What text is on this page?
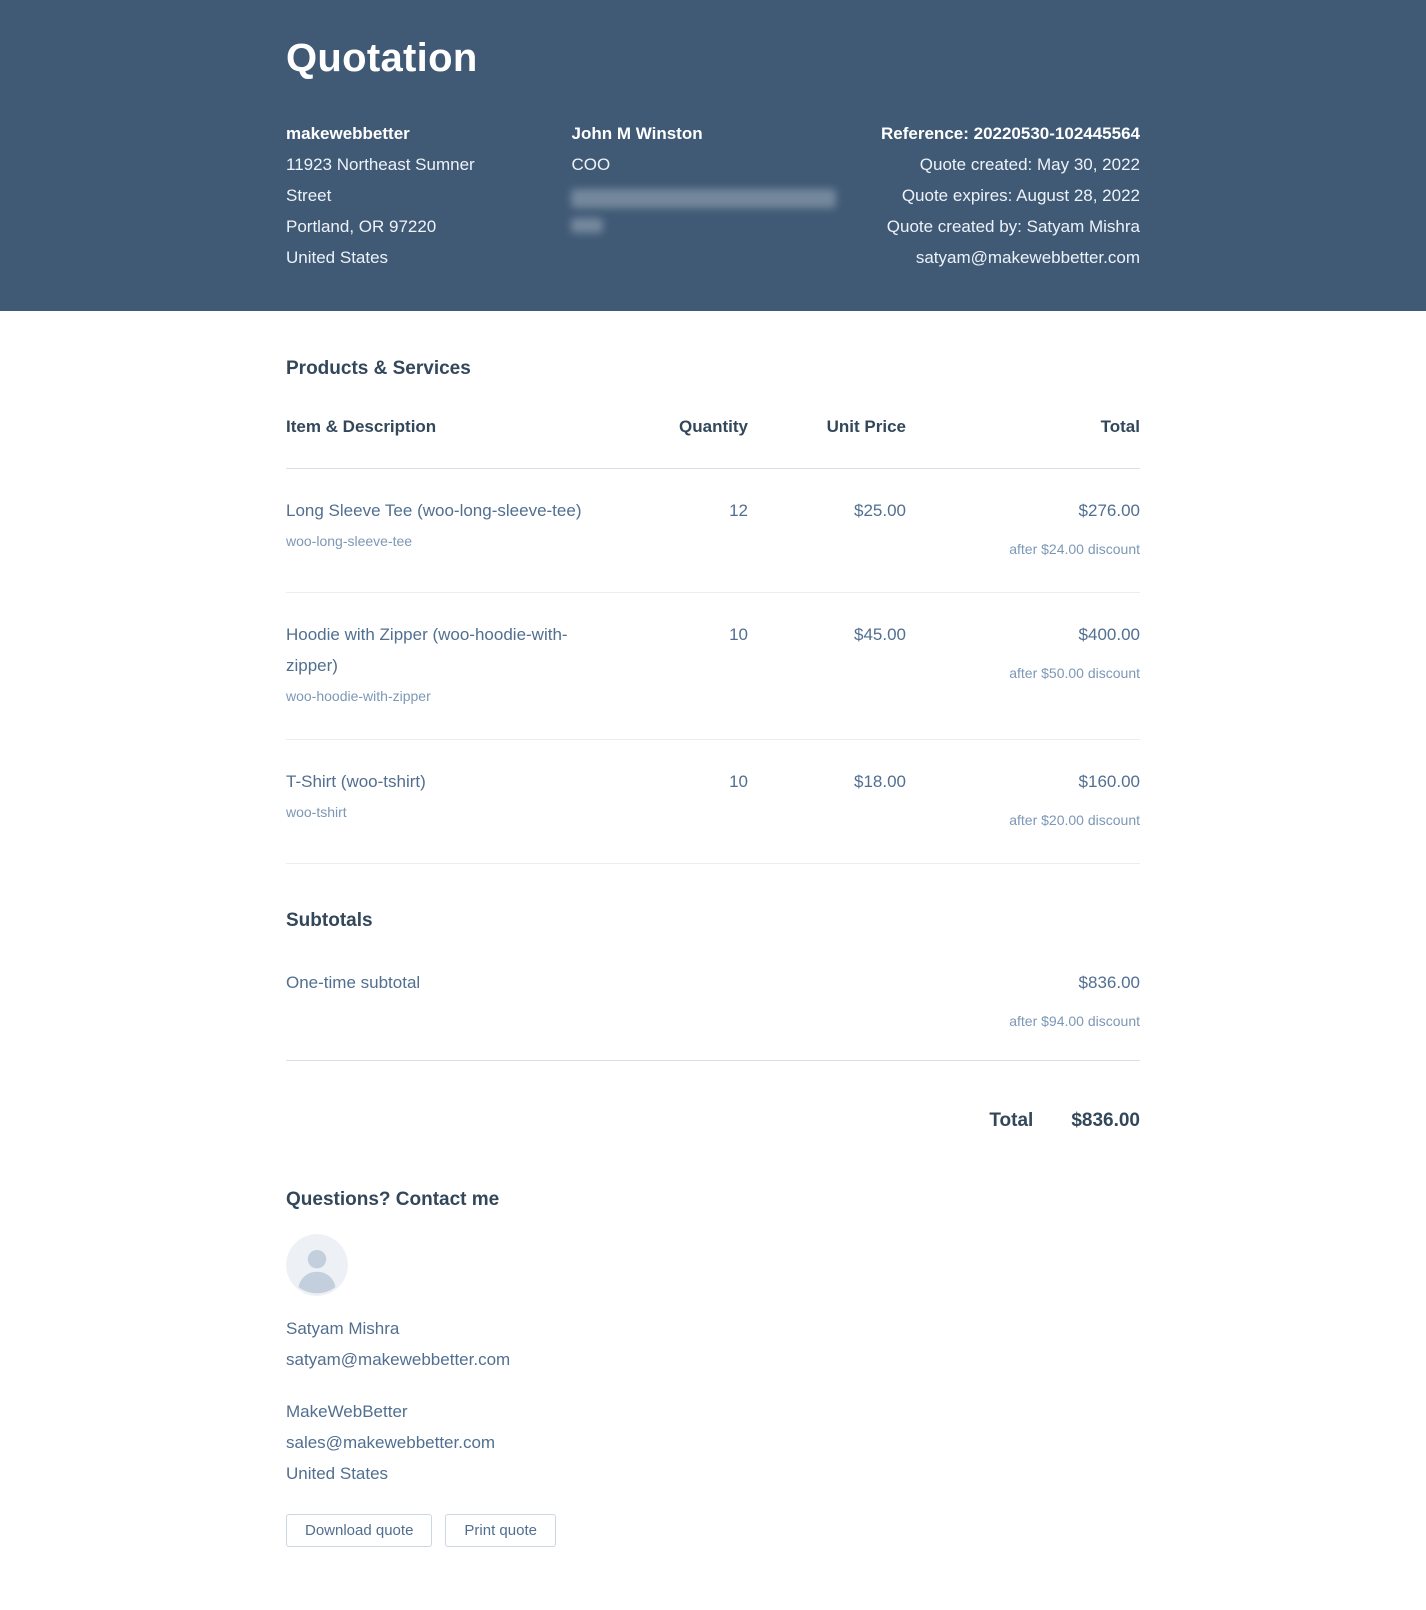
Quotation
makewebbetter
11923 Northeast Sumner Street
Portland, OR 97220
United States
John M Winston
COO
Reference: 20220530-102445564
Quote created: May 30, 2022
Quote expires: August 28, 2022
Quote created by: Satyam Mishra
satyam@makewebbetter.com
Products & Services
Item & Description	Quantity	Unit Price	Total
Long Sleeve Tee (woo-long-sleeve-tee)
woo-long-sleeve-tee
12	$25.00	$276.00
after $24.00 discount
Hoodie with Zipper (woo-hoodie-with-zipper)
woo-hoodie-with-zipper
10	$45.00	$400.00
after $50.00 discount
T-Shirt (woo-tshirt)
woo-tshirt
10	$18.00	$160.00
after $20.00 discount
Subtotals
One-time subtotal	$836.00
after $94.00 discount
Total $836.00
Questions? Contact me
Satyam Mishra
satyam@makewebbetter.com
MakeWebBetter
sales@makewebbetter.com
United States
Download quote	Print quote
